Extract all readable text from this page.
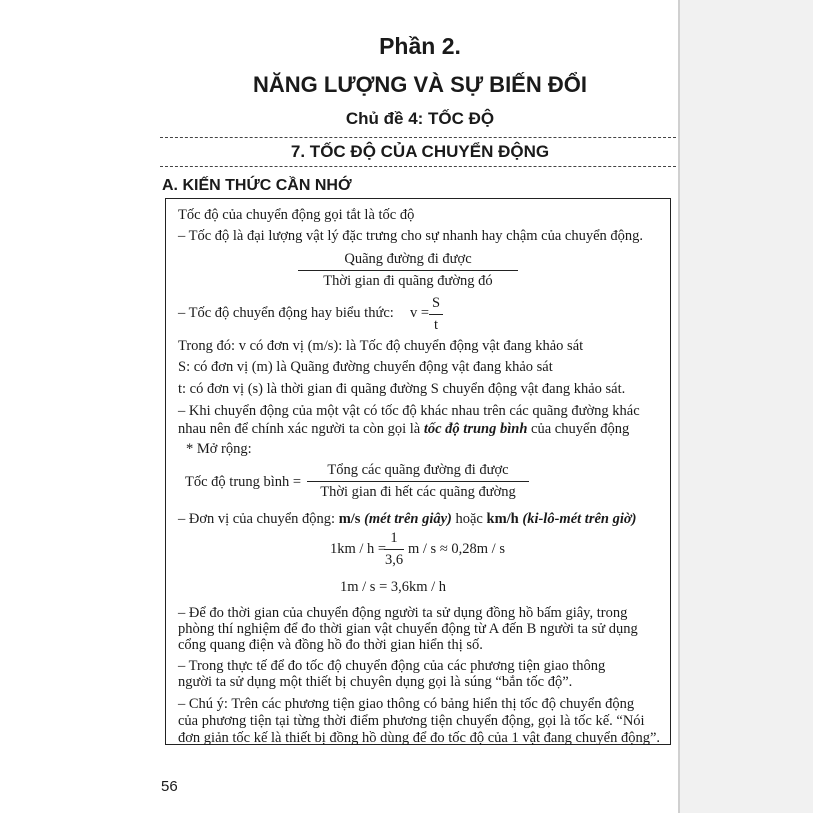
Phần 2.
NĂNG LƯỢNG VÀ SỰ BIẾN ĐỔI
Chủ đề 4: TỐC ĐỘ
7. TỐC ĐỘ CỦA CHUYỂN ĐỘNG
A. KIẾN THỨC CẦN NHỚ
Tốc độ của chuyển động gọi tắt là tốc độ
– Tốc độ là đại lượng vật lý đặc trưng cho sự nhanh hay chậm của chuyển động.
Quãng đường đi được
Thời gian đi quãng đường đó
– Tốc độ chuyển động hay biểu thức: v =
S
t
Trong đó: v có đơn vị (m/s): là Tốc độ chuyển động vật đang khảo sát
S: có đơn vị (m) là Quãng đường chuyển động vật đang khảo sát
t: có đơn vị (s) là thời gian đi quãng đường S chuyển động vật đang khảo sát.
– Khi chuyển động của một vật có tốc độ khác nhau trên các quãng đường khác
nhau nên để chính xác người ta còn gọi là tốc độ trung bình của chuyển động
* Mở rộng:
Tốc độ trung bình =
Tổng các quãng đường đi được
Thời gian đi hết các quãng đường
– Đơn vị của chuyển động: m/s (mét trên giây) hoặc km/h (ki-lô-mét trên giờ)
1km / h =
1
3,6
m / s ≈ 0,28m / s
1m / s = 3,6km / h
– Để đo thời gian của chuyển động người ta sử dụng đồng hồ bấm giây, trong
phòng thí nghiệm để đo thời gian vật chuyển động từ A đến B người ta sử dụng
cổng quang điện và đồng hồ đo thời gian hiển thị số.
– Trong thực tế để đo tốc độ chuyển động của các phương tiện giao thông
người ta sử dụng một thiết bị chuyên dụng gọi là súng “bắn tốc độ”.
– Chú ý: Trên các phương tiện giao thông có bảng hiển thị tốc độ chuyển động
của phương tiện tại từng thời điểm phương tiện chuyển động, gọi là tốc kế. “Nói
đơn giản tốc kế là thiết bị đồng hồ dùng để đo tốc độ của 1 vật đang chuyển động”.
56
